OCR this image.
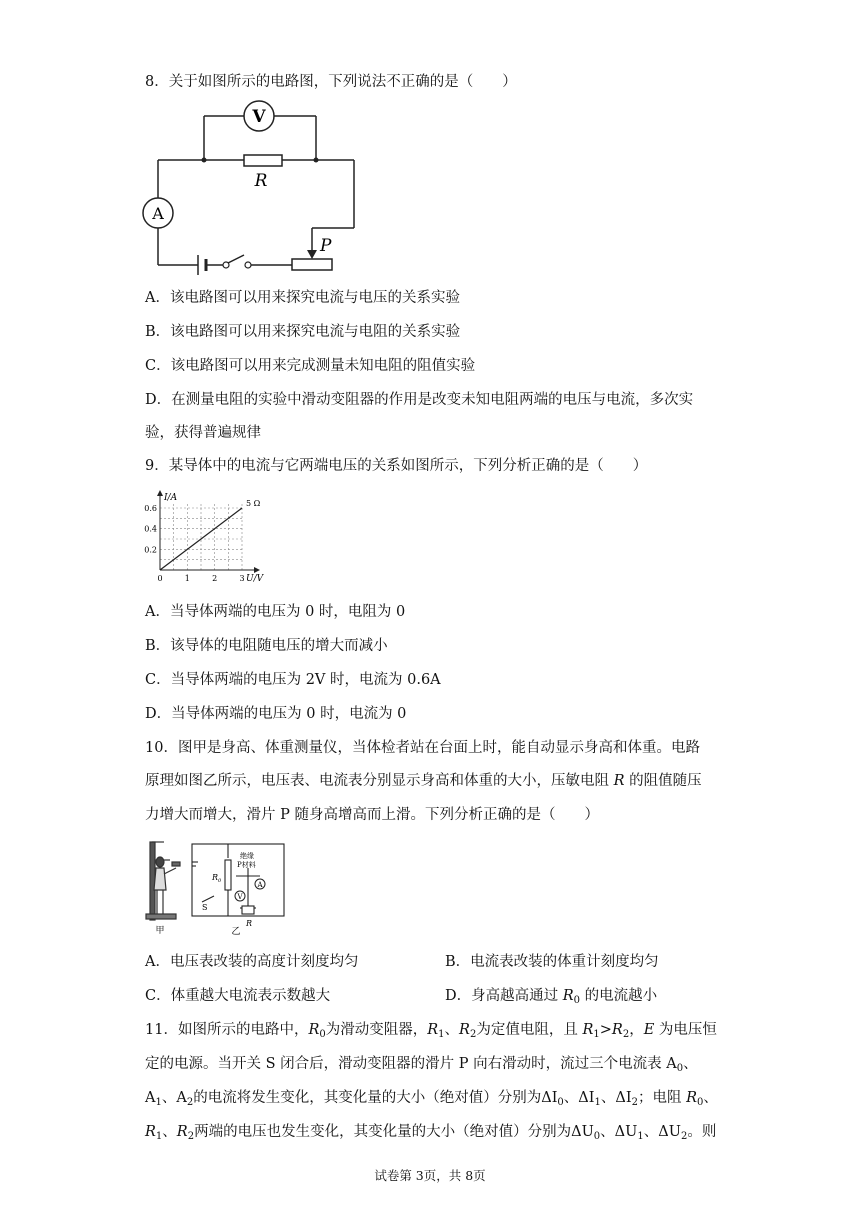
8．关于如图所示的电路图，下列说法不正确的是（　　）
V
A
R
P
A．该电路图可以用来探究电流与电压的关系实验
B．该电路图可以用来探究电流与电阻的关系实验
C．该电路图可以用来完成测量未知电阻的阻值实验
D．在测量电阻的实验中滑动变阻器的作用是改变未知电阻两端的电压与电流，多次实
验，获得普遍规律
9．某导体中的电流与它两端电压的关系如图所示，下列分析正确的是（　　）
0	1	2	3
0.2
0.4
0.6
I/A
U/V
5 Ω
A．当导体两端的电压为 0 时，电阻为 0
B．该导体的电阻随电压的增大而减小
C．当导体两端的电压为 2V 时，电流为 0.6A
D．当导体两端的电压为 0 时，电流为 0
10．图甲是身高、体重测量仪，当体检者站在台面上时，能自动显示身高和体重。电路
原理如图乙所示，电压表、电流表分别显示身高和体重的大小，压敏电阻 R 的阻值随压
力增大而增大，滑片 P 随身高增高而上滑。下列分析正确的是（　　）
甲
A
V
绝缘
P材料
$R_0$
S
R
乙
A．电压表改装的高度计刻度均匀	B．电流表改装的体重计刻度均匀
C．体重越大电流表示数越大	D．身高越高通过 $R_0$ 的电流越小
11．如图所示的电路中，$R_0$为滑动变阻器，$R_1$、$R_2$为定值电阻，且 $R_1>R_2$，E 为电压恒
定的电源。当开关 S 闭合后，滑动变阻器的滑片 P 向右滑动时，流过三个电流表 $A_0$、
$A_1$、$A_2$的电流将发生变化，其变化量的大小（绝对值）分别为$\Delta I_0$、$\Delta I_1$、$\Delta I_2$；电阻 $R_0$、
$R_1$、$R_2$两端的电压也发生变化，其变化量的大小（绝对值）分别为$\Delta U_0$、$\Delta U_1$、$\Delta U_2$。则
试卷第 3页，共 8页
